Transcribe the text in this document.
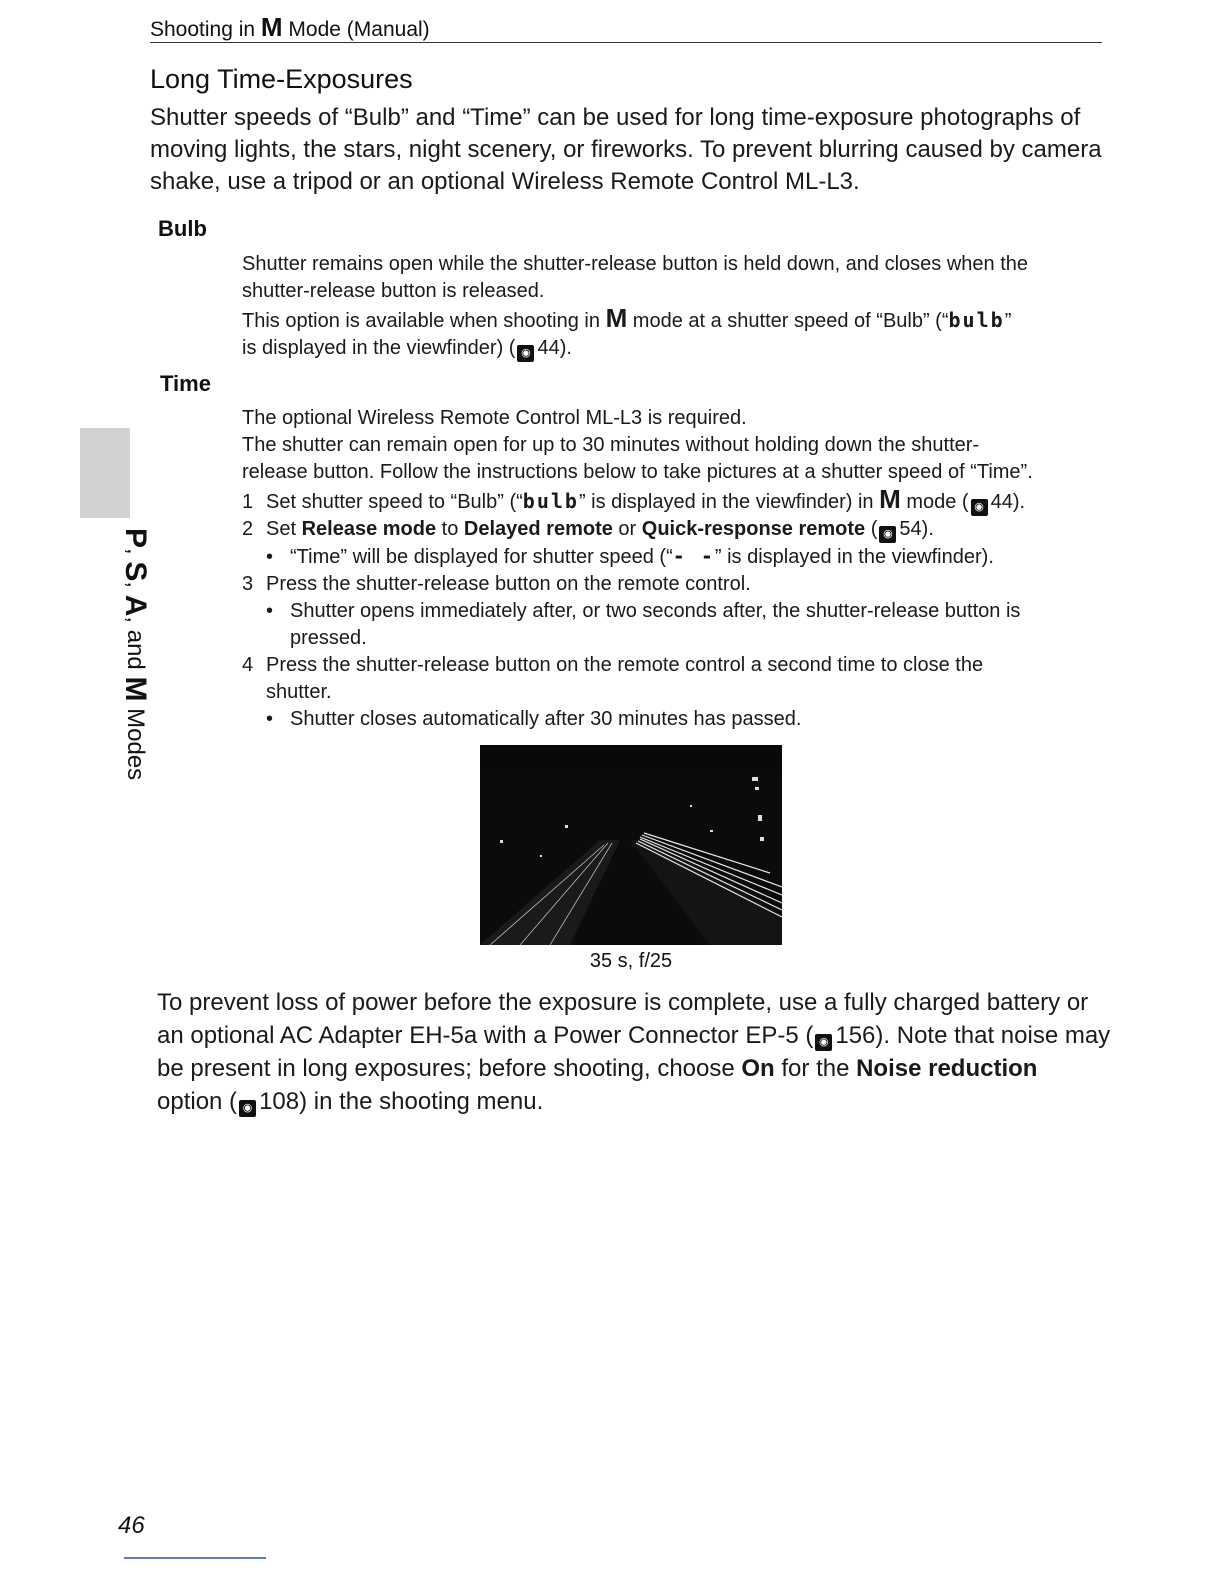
Shooting in M Mode (Manual)
Long Time-Exposures
Shutter speeds of “Bulb” and “Time” can be used for long time-exposure photographs of moving lights, the stars, night scenery, or fireworks. To prevent blurring caused by camera shake, use a tripod or an optional Wireless Remote Control ML-L3.
Bulb
Shutter remains open while the shutter-release button is held down, and closes when the
shutter-release button is released.
This option is available when shooting in M mode at a shutter speed of “Bulb” (“bulb”
is displayed in the viewfinder) ( ◉ 44).
Time
The optional Wireless Remote Control ML-L3 is required.
The shutter can remain open for up to 30 minutes without holding down the shutter-
release button. Follow the instructions below to take pictures at a shutter speed of “Time”.
1 Set shutter speed to “Bulb” (“bulb” is displayed in the viewfinder) in M mode ( ◉ 44).
2 Set Release mode to Delayed remote or Quick-response remote ( ◉ 54).
• “Time” will be displayed for shutter speed (“- -” is displayed in the viewfinder).
3 Press the shutter-release button on the remote control.
• Shutter opens immediately after, or two seconds after, the shutter-release button is
pressed.
4 Press the shutter-release button on the remote control a second time to close the
shutter.
• Shutter closes automatically after 30 minutes has passed.
35 s, f/25
To prevent loss of power before the exposure is complete, use a fully charged battery or
an optional AC Adapter EH-5a with a Power Connector EP-5 ( ◉ 156). Note that noise may
be present in long exposures; before shooting, choose On for the Noise reduction
option ( ◉ 108) in the shooting menu.
P, S, A, and M Modes
46
